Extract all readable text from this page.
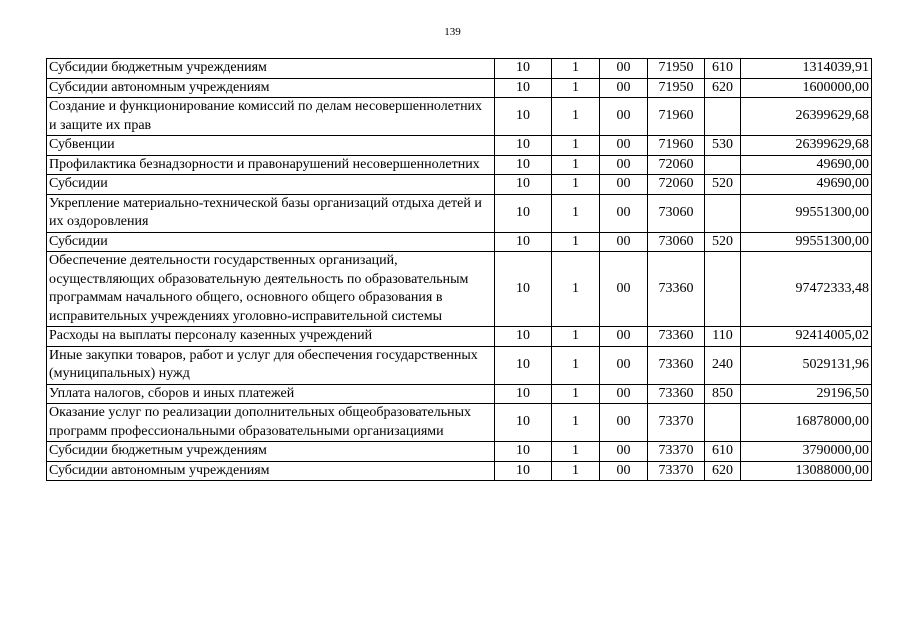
139
Субсидии бюджетным учреждениям	10	1	00	71950	610	1314039,91
Субсидии автономным учреждениям	10	1	00	71950	620	1600000,00
Создание и функционирование комиссий по делам несовершеннолетних и защите их прав	10	1	00	71960		26399629,68
Субвенции	10	1	00	71960	530	26399629,68
Профилактика безнадзорности и правонарушений несовершеннолетних	10	1	00	72060		49690,00
Субсидии	10	1	00	72060	520	49690,00
Укрепление материально-технической базы организаций отдыха детей и их оздоровления	10	1	00	73060		99551300,00
Субсидии	10	1	00	73060	520	99551300,00
Обеспечение деятельности государственных организаций, осуществляющих образовательную деятельность по образовательным программам начального общего, основного общего образования в исправительных учреждениях уголовно-исправительной системы	10	1	00	73360		97472333,48
Расходы на выплаты персоналу казенных учреждений	10	1	00	73360	110	92414005,02
Иные закупки товаров, работ и услуг для обеспечения государственных (муниципальных) нужд	10	1	00	73360	240	5029131,96
Уплата налогов, сборов и иных платежей	10	1	00	73360	850	29196,50
Оказание услуг по реализации дополнительных общеобразовательных программ профессиональными образовательными организациями	10	1	00	73370		16878000,00
Субсидии бюджетным учреждениям	10	1	00	73370	610	3790000,00
Субсидии автономным учреждениям	10	1	00	73370	620	13088000,00
